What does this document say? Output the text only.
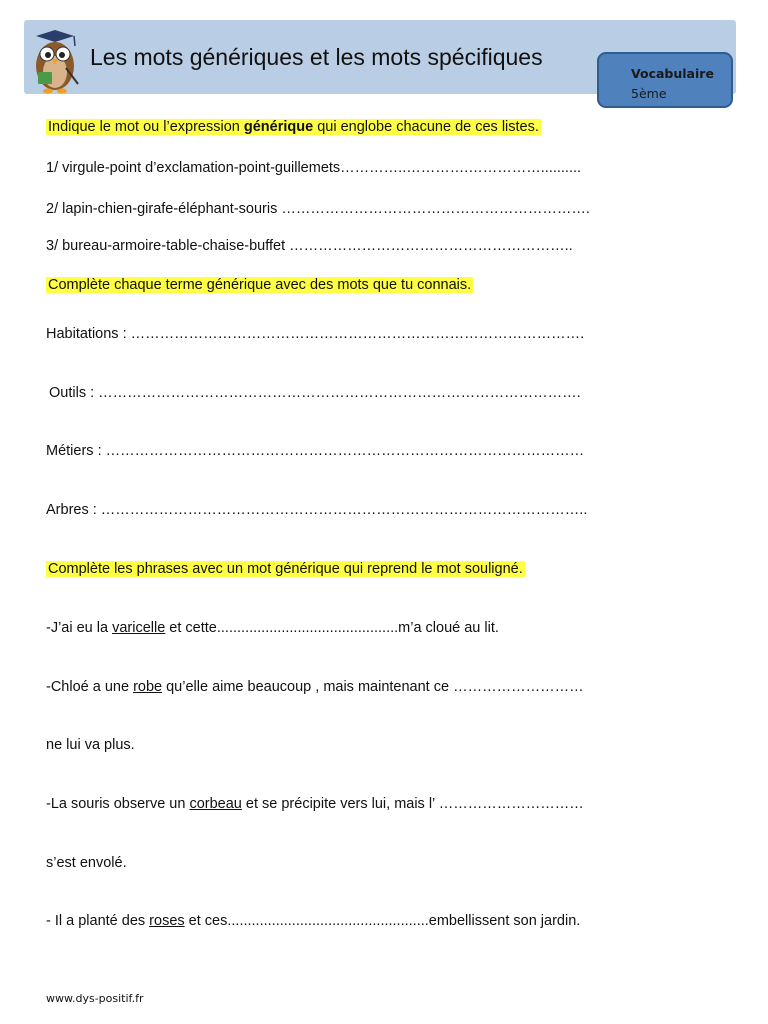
Les mots génériques et les mots spécifiques
Vocabulaire
5ème
Indique le mot ou l’expression générique qui englobe chacune de ces listes.
1/ virgule-point d’exclamation-point-guillemets…………..………….……………..........
2/ lapin-chien-girafe-éléphant-souris ……………………………………………………….
3/ bureau-armoire-table-chaise-buffet …………………………………………………..
Complète chaque terme générique avec des mots que tu connais.
Habitations : ………………………………………………………………………………….
Outils : ……………………………………………………………………………………….
Métiers : ………………………………………………………………………………………
Arbres : ………………………………………………………………………………………..
Complète les phrases avec un mot générique qui reprend le mot souligné.
-J’ai eu la varicelle et cette.............................................m’a cloué au lit.
-Chloé a une robe qu’elle aime beaucoup , mais maintenant ce ………………………
ne lui va plus.
-La souris observe un corbeau et se précipite vers lui, mais l’ …………………………
s’est envolé.
- Il a planté des roses et ces..................................................embellissent son jardin.
www.dys-positif.fr
